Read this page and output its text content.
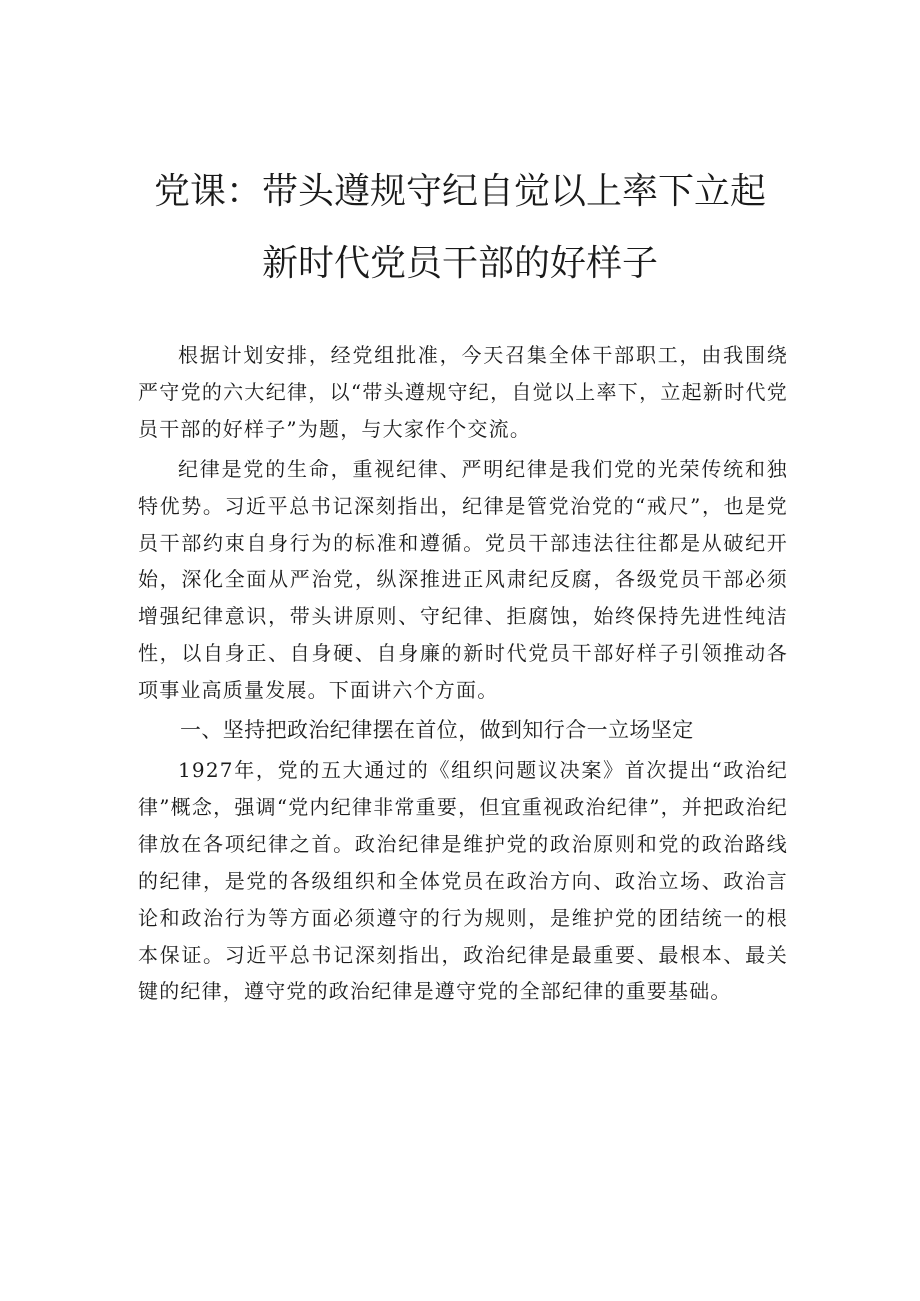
党课：带头遵规守纪自觉以上率下立起
新时代党员干部的好样子

根据计划安排，经党组批准，今天召集全体干部职工，由我围绕严守党的六大纪律，以“带头遵规守纪，自觉以上率下，立起新时代党员干部的好样子”为题，与大家作个交流。

纪律是党的生命，重视纪律、严明纪律是我们党的光荣传统和独特优势。习近平总书记深刻指出，纪律是管党治党的“戒尺”，也是党员干部约束自身行为的标准和遵循。党员干部违法往往都是从破纪开始，深化全面从严治党，纵深推进正风肃纪反腐，各级党员干部必须增强纪律意识，带头讲原则、守纪律、拒腐蚀，始终保持先进性纯洁性，以自身正、自身硬、自身廉的新时代党员干部好样子引领推动各项事业高质量发展。下面讲六个方面。

一、坚持把政治纪律摆在首位，做到知行合一立场坚定

1927年，党的五大通过的《组织问题议决案》首次提出“政治纪律”概念，强调“党内纪律非常重要，但宜重视政治纪律”，并把政治纪律放在各项纪律之首。政治纪律是维护党的政治原则和党的政治路线的纪律，是党的各级组织和全体党员在政治方向、政治立场、政治言论和政治行为等方面必须遵守的行为规则，是维护党的团结统一的根本保证。习近平总书记深刻指出，政治纪律是最重要、最根本、最关键的纪律，遵守党的政治纪律是遵守党的全部纪律的重要基础。
